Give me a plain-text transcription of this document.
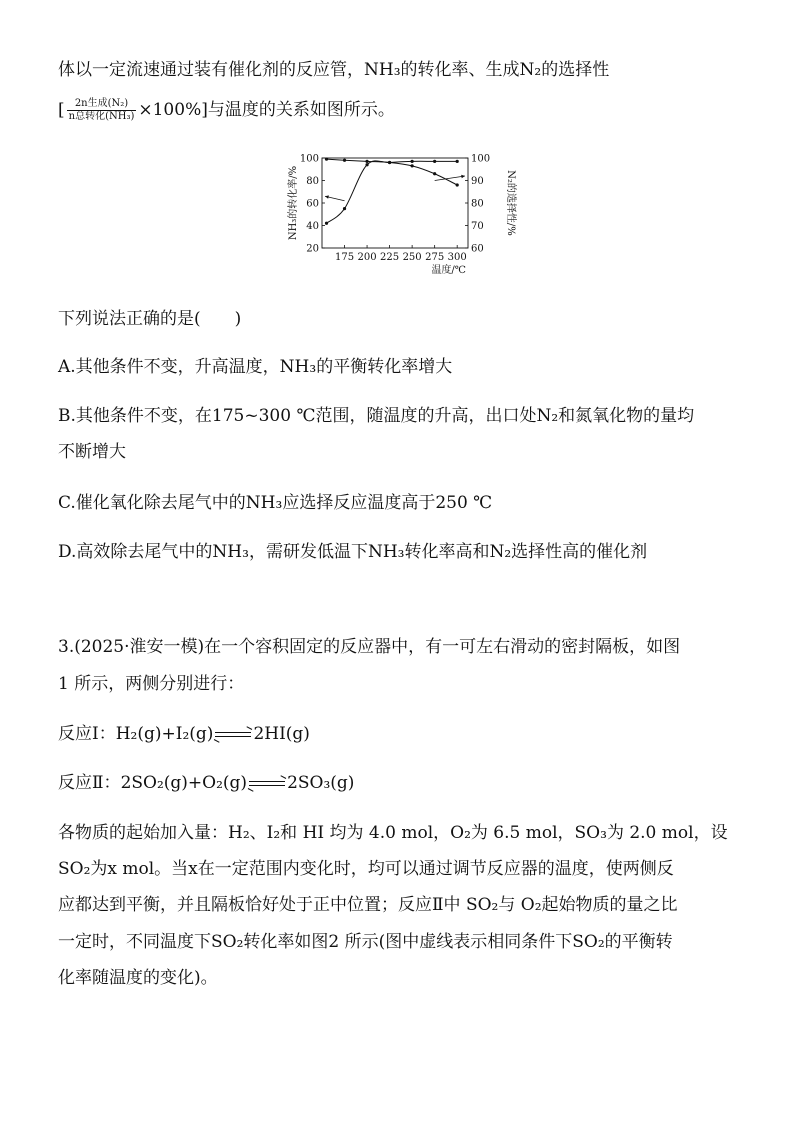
体以一定流速通过装有催化剂的反应管，NH₃的转化率、生成N₂的选择性
[ $\frac{\text{2n生成(N₂)}}{\text{n总转化(NH₃)}} \times 100\%$]与温度的关系如图所示。
20
40
60
80
100
60
70
80
90
100
175 200 225 250 275 300
温度/℃
NH₃的转化率/%	N₂的选择性/%
下列说法正确的是(　　)
A.其他条件不变，升高温度，NH₃的平衡转化率增大
B.其他条件不变，在175~300 ℃范围，随温度的升高，出口处N₂和氮氧化物的量均
不断增大
C.催化氧化除去尾气中的NH₃应选择反应温度高于250 ℃
D.高效除去尾气中的NH₃，需研发低温下NH₃转化率高和N₂选择性高的催化剂
3.(2025·淮安一模)在一个容积固定的反应器中，有一可左右滑动的密封隔板，如图
1 所示，两侧分别进行：
反应Ⅰ：H₂(g)+I₂(g) 2HI(g)
反应Ⅱ：2SO₂(g)+O₂(g) 2SO₃(g)
各物质的起始加入量：H₂、I₂和 HI 均为 4.0 mol，O₂为 6.5 mol，SO₃为 2.0 mol，设
SO₂为x mol。当x在一定范围内变化时，均可以通过调节反应器的温度，使两侧反
应都达到平衡，并且隔板恰好处于正中位置；反应Ⅱ中 SO₂与 O₂起始物质的量之比
一定时，不同温度下SO₂转化率如图2 所示(图中虚线表示相同条件下SO₂的平衡转
化率随温度的变化)。
